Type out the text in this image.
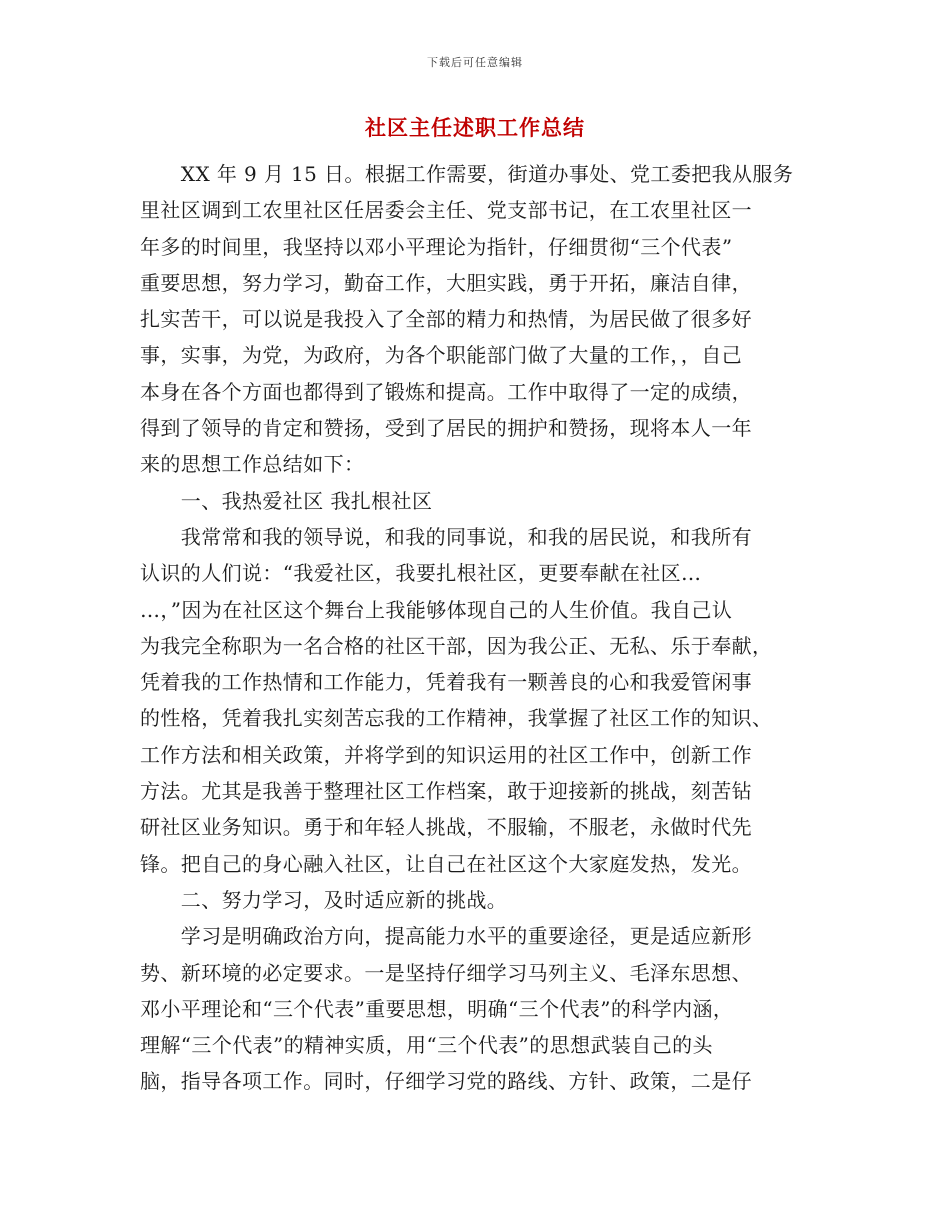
下载后可任意编辑
社区主任述职工作总结
　　XX 年 9 月 15 日。根据工作需要，街道办事处、党工委把我从服务
里社区调到工农里社区任居委会主任、党支部书记，在工农里社区一
年多的时间里，我坚持以邓小平理论为指针，仔细贯彻“三个代表”
重要思想，努力学习，勤奋工作，大胆实践，勇于开拓，廉洁自律，
扎实苦干，可以说是我投入了全部的精力和热情，为居民做了很多好
事，实事，为党，为政府，为各个职能部门做了大量的工作，，自己
本身在各个方面也都得到了锻炼和提高。工作中取得了一定的成绩，
得到了领导的肯定和赞扬，受到了居民的拥护和赞扬，现将本人一年
来的思想工作总结如下：
　　一、我热爱社区 我扎根社区
　　我常常和我的领导说，和我的同事说，和我的居民说，和我所有
认识的人们说：“我爱社区，我要扎根社区，更要奉献在社区…
…，”因为在社区这个舞台上我能够体现自己的人生价值。我自己认
为我完全称职为一名合格的社区干部，因为我公正、无私、乐于奉献，
凭着我的工作热情和工作能力，凭着我有一颗善良的心和我爱管闲事
的性格，凭着我扎实刻苦忘我的工作精神，我掌握了社区工作的知识、
工作方法和相关政策，并将学到的知识运用的社区工作中，创新工作
方法。尤其是我善于整理社区工作档案，敢于迎接新的挑战，刻苦钻
研社区业务知识。勇于和年轻人挑战，不服输，不服老，永做时代先
锋。把自己的身心融入社区，让自己在社区这个大家庭发热，发光。
　　二、努力学习，及时适应新的挑战。
　　学习是明确政治方向，提高能力水平的重要途径，更是适应新形
势、新环境的必定要求。一是坚持仔细学习马列主义、毛泽东思想、
邓小平理论和“三个代表”重要思想，明确“三个代表”的科学内涵，
理解“三个代表”的精神实质，用“三个代表”的思想武装自己的头
脑，指导各项工作。同时，仔细学习党的路线、方针、政策，二是仔
